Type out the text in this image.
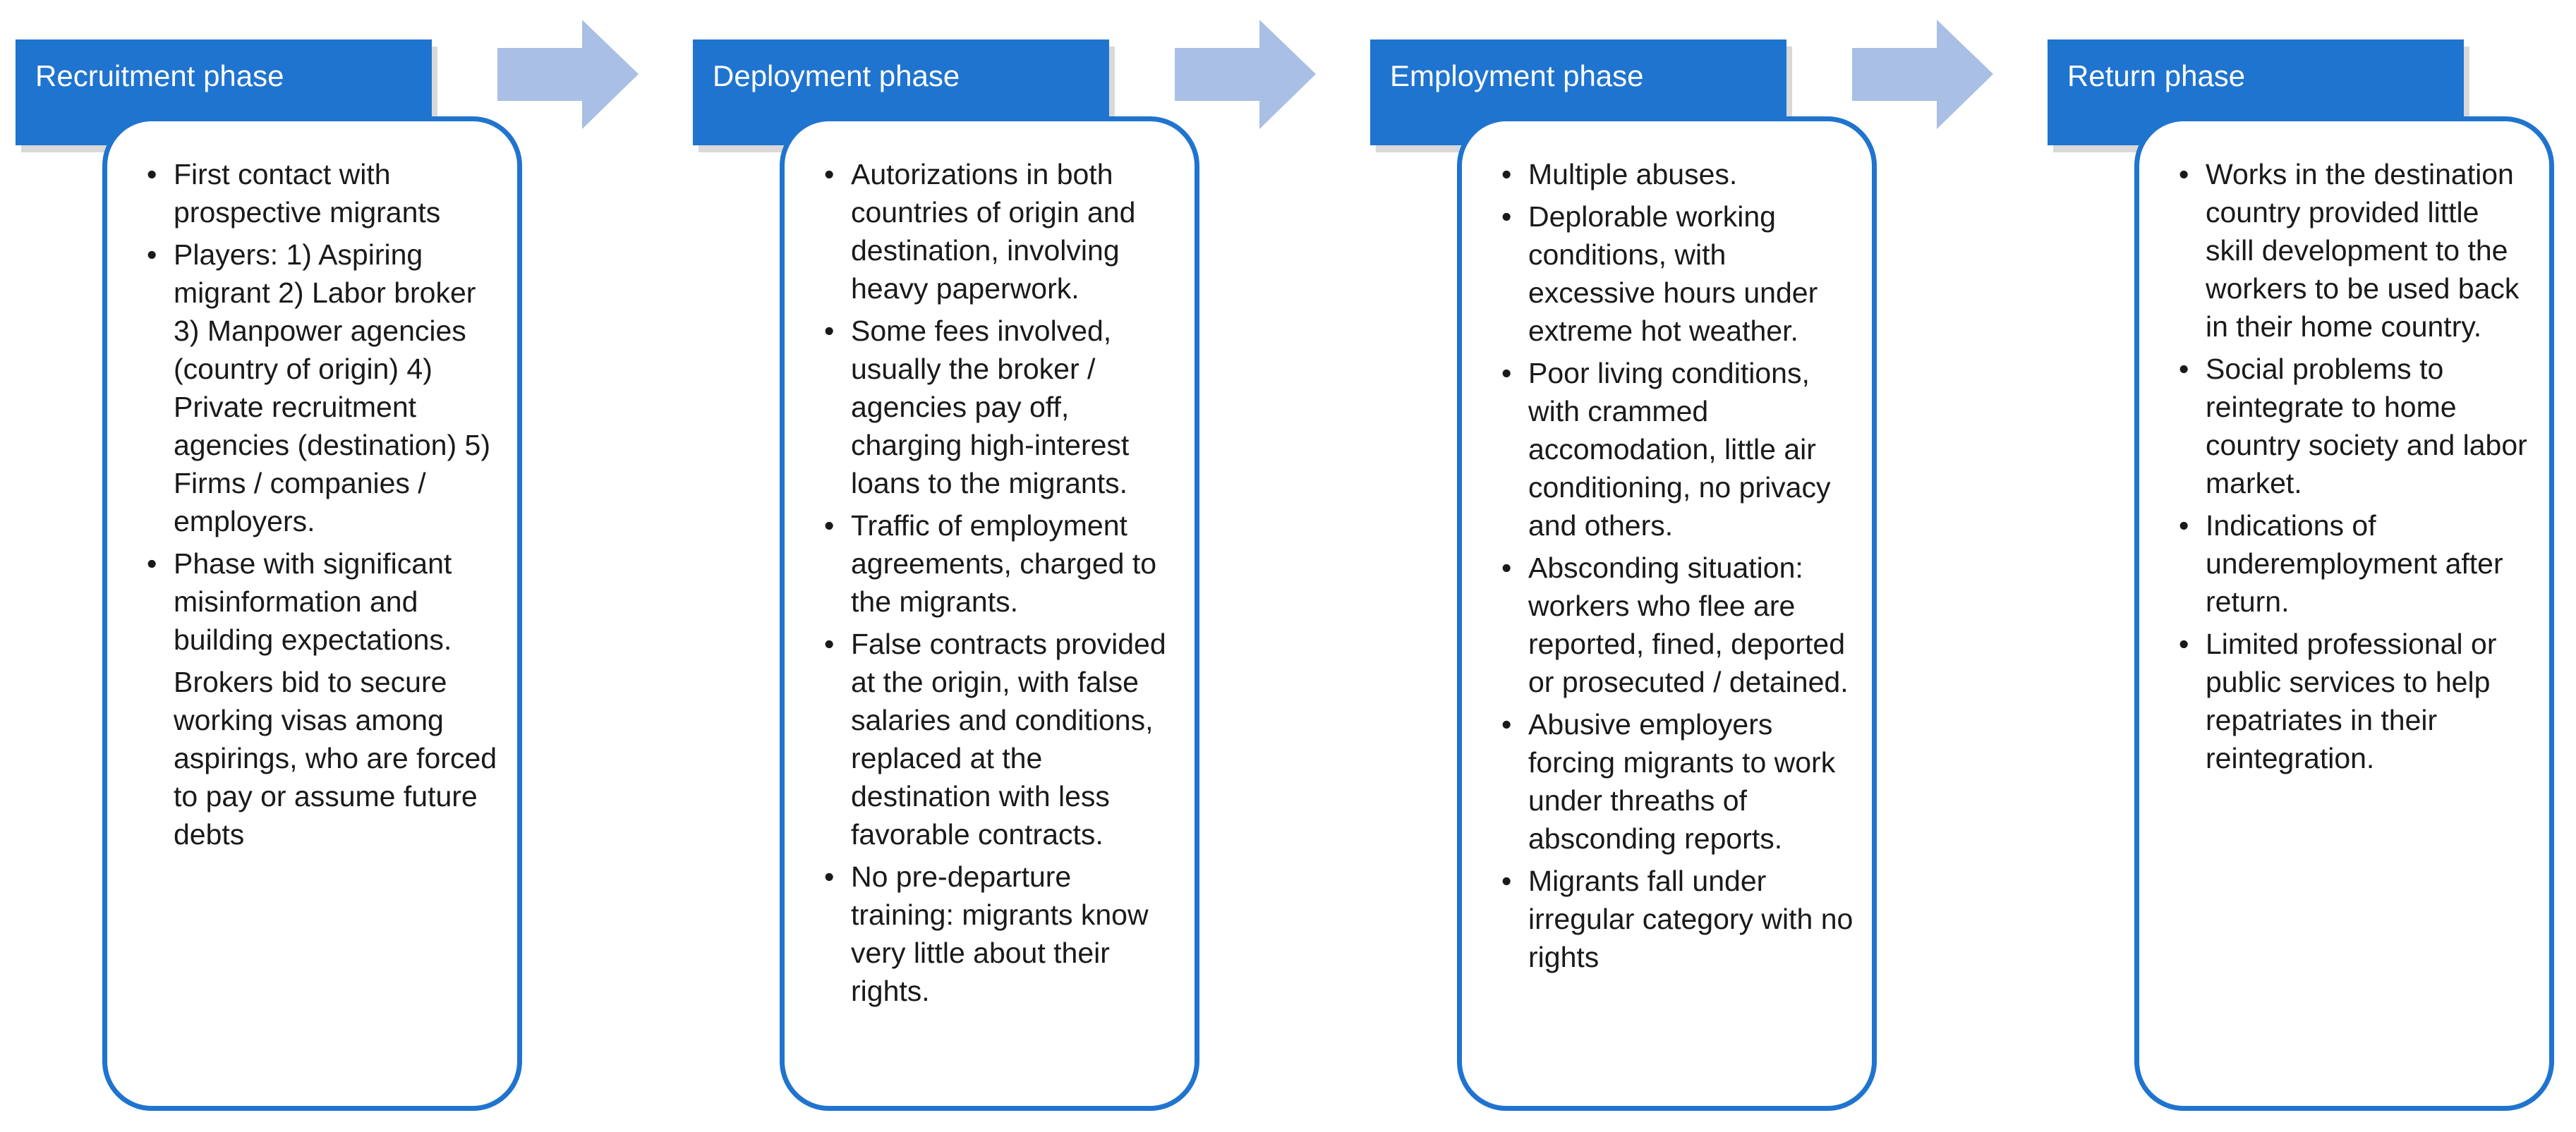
Recruitment phase
• First contact with prospective migrants
• Players: 1) Aspiring migrant 2) Labor broker 3) Manpower agencies (country of origin) 4) Private recruitment agencies (destination) 5) Firms / companies / employers.
• Phase with significant misinformation and building expectations.
Brokers bid to secure working visas among aspirings, who are forced to pay or assume future debts
Deployment phase
• Autorizations in both countries of origin and destination, involving heavy paperwork.
• Some fees involved, usually the broker / agencies pay off, charging high-interest loans to the migrants.
• Traffic of employment agreements, charged to the migrants.
• False contracts provided at the origin, with false salaries and conditions, replaced at the destination with less favorable contracts.
• No pre-departure training: migrants know very little about their rights.
Employment phase
• Multiple abuses.
• Deplorable working conditions, with excessive hours under extreme hot weather.
• Poor living conditions, with crammed accomodation, little air conditioning, no privacy and others.
• Absconding situation: workers who flee are reported, fined, deported or prosecuted / detained.
• Abusive employers forcing migrants to work under threaths of absconding reports.
• Migrants fall under irregular category with no rights
Return phase
• Works in the destination country provided little skill development to the workers to be used back in their home country.
• Social problems to reintegrate to home country society and labor market.
• Indications of underemployment after return.
• Limited professional or public services to help repatriates in their reintegration.
